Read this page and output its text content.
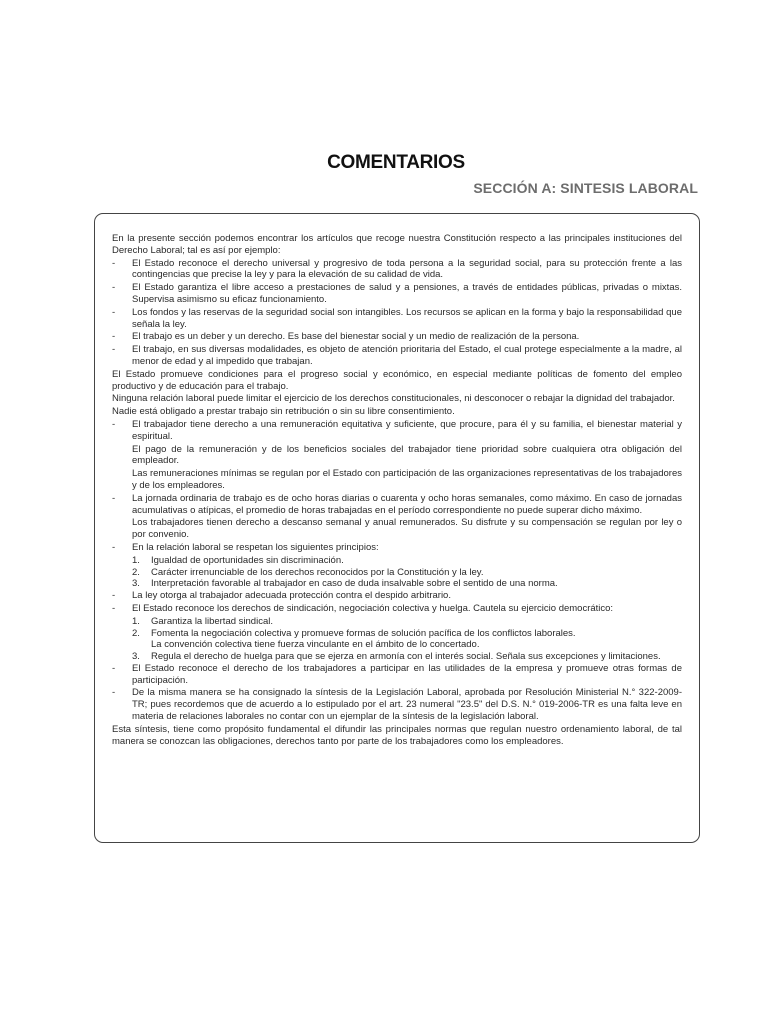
COMENTARIOS
SECCIÓN A: SINTESIS LABORAL

En la presente sección podemos encontrar los artículos que recoge nuestra Constitución respecto a las principales instituciones del Derecho Laboral; tal es así por ejemplo:

-	El Estado reconoce el derecho universal y progresivo de toda persona a la seguridad social, para su protección frente a las contingencias que precise la ley y para la elevación de su calidad de vida.
-	El Estado garantiza el libre acceso a prestaciones de salud y a pensiones, a través de entidades públicas, privadas o mixtas. Supervisa asimismo su eficaz funcionamiento.
-	Los fondos y las reservas de la seguridad social son intangibles. Los recursos se aplican en la forma y bajo la responsabilidad que señala la ley.
-	El trabajo es un deber y un derecho. Es base del bienestar social y un medio de realización de la persona.
-	El trabajo, en sus diversas modalidades, es objeto de atención prioritaria del Estado, el cual protege especialmente a la madre, al menor de edad y al impedido que trabajan.

El Estado promueve condiciones para el progreso social y económico, en especial mediante políticas de fomento del empleo productivo y de educación para el trabajo.

Ninguna relación laboral puede limitar el ejercicio de los derechos constitucionales, ni desconocer o rebajar la dignidad del trabajador.

Nadie está obligado a prestar trabajo sin retribución o sin su libre consentimiento.

-	El trabajador tiene derecho a una remuneración equitativa y suficiente, que procure, para él y su familia, el bienestar material y espiritual.

El pago de la remuneración y de los beneficios sociales del trabajador tiene prioridad sobre cualquiera otra obligación del empleador.

Las remuneraciones mínimas se regulan por el Estado con participación de las organizaciones representativas de los trabajadores y de los empleadores.

-	La jornada ordinaria de trabajo es de ocho horas diarias o cuarenta y ocho horas semanales, como máximo. En caso de jornadas acumulativas o atípicas, el promedio de horas trabajadas en el período correspondiente no puede superar dicho máximo.

Los trabajadores tienen derecho a descanso semanal y anual remunerados. Su disfrute y su compensación se regulan por ley o por convenio.

-	En la relación laboral se respetan los siguientes principios:
1.	Igualdad de oportunidades sin discriminación.
2.	Carácter irrenunciable de los derechos reconocidos por la Constitución y la ley.
3.	Interpretación favorable al trabajador en caso de duda insalvable sobre el sentido de una norma.
-	La ley otorga al trabajador adecuada protección contra el despido arbitrario.
-	El Estado reconoce los derechos de sindicación, negociación colectiva y huelga. Cautela su ejercicio democrático:
1.	Garantiza la libertad sindical.
2.	Fomenta la negociación colectiva y promueve formas de solución pacífica de los conflictos laborales.

La convención colectiva tiene fuerza vinculante en el ámbito de lo concertado.

3.	Regula el derecho de huelga para que se ejerza en armonía con el interés social. Señala sus excepciones y limitaciones.
-	El Estado reconoce el derecho de los trabajadores a participar en las utilidades de la empresa y promueve otras formas de participación.
-	De la misma manera se ha consignado la síntesis de la Legislación Laboral, aprobada por Resolución Ministerial N.° 322-2009-TR; pues recordemos que de acuerdo a lo estipulado por el art. 23 numeral "23.5" del D.S. N.° 019-2006-TR es una falta leve en materia de relaciones laborales no contar con un ejemplar de la síntesis de la legislación laboral.

Esta síntesis, tiene como propósito fundamental el difundir las principales normas que regulan nuestro ordenamiento laboral, de tal manera se conozcan las obligaciones, derechos tanto por parte de los trabajadores como los empleadores.
